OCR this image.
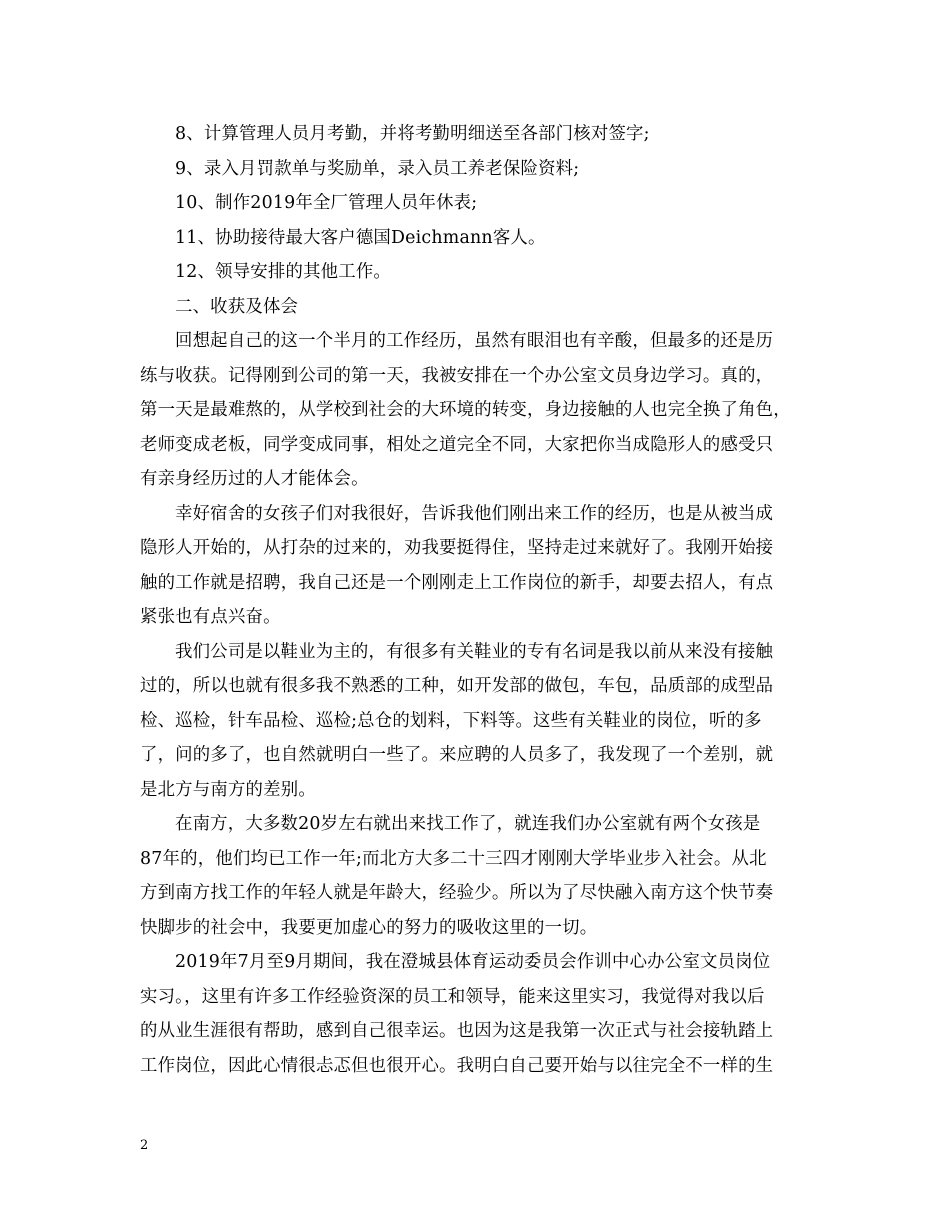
8、计算管理人员月考勤，并将考勤明细送至各部门核对签字;
9、录入月罚款单与奖励单，录入员工养老保险资料;
10、制作2019年全厂管理人员年休表;
11、协助接待最大客户德国Deichmann客人。
12、领导安排的其他工作。
二、收获及体会
回想起自己的这一个半月的工作经历，虽然有眼泪也有辛酸，但最多的还是历
练与收获。记得刚到公司的第一天，我被安排在一个办公室文员身边学习。真的，
第一天是最难熬的，从学校到社会的大环境的转变，身边接触的人也完全换了角色，
老师变成老板，同学变成同事，相处之道完全不同，大家把你当成隐形人的感受只
有亲身经历过的人才能体会。
幸好宿舍的女孩子们对我很好，告诉我他们刚出来工作的经历，也是从被当成
隐形人开始的，从打杂的过来的，劝我要挺得住，坚持走过来就好了。我刚开始接
触的工作就是招聘，我自己还是一个刚刚走上工作岗位的新手，却要去招人，有点
紧张也有点兴奋。
我们公司是以鞋业为主的，有很多有关鞋业的专有名词是我以前从来没有接触
过的，所以也就有很多我不熟悉的工种，如开发部的做包，车包，品质部的成型品
检、巡检，针车品检、巡检;总仓的划料，下料等。这些有关鞋业的岗位，听的多
了，问的多了，也自然就明白一些了。来应聘的人员多了，我发现了一个差别，就
是北方与南方的差别。
在南方，大多数20岁左右就出来找工作了，就连我们办公室就有两个女孩是
87年的，他们均已工作一年;而北方大多二十三四才刚刚大学毕业步入社会。从北
方到南方找工作的年轻人就是年龄大，经验少。所以为了尽快融入南方这个快节奏
快脚步的社会中，我要更加虚心的努力的吸收这里的一切。
2019年7月至9月期间，我在澄城县体育运动委员会作训中心办公室文员岗位
实习。，这里有许多工作经验资深的员工和领导，能来这里实习，我觉得对我以后
的从业生涯很有帮助，感到自己很幸运。也因为这是我第一次正式与社会接轨踏上
工作岗位，因此心情很忐忑但也很开心。我明白自己要开始与以往完全不一样的生
2
